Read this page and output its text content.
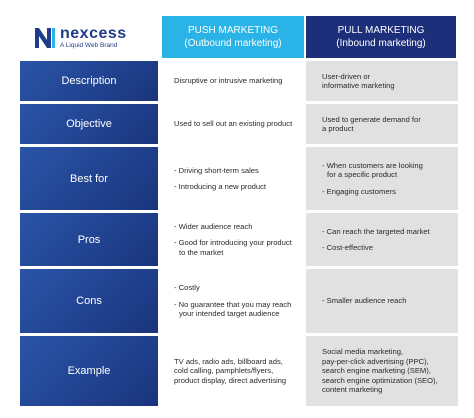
nexcess
A Liquid Web Brand
PUSH MARKETING
(Outbound marketing)
PULL MARKETING
(Inbound marketing)
Description	Disruptive or intrusive marketing
User-driven or
informative marketing
Objective	Used to sell out an existing product
Used to generate demand for
a product
Best for
- Driving short-term sales
- Introducing a new product
- When customers are looking
for a specific product
- Engaging customers
Pros
- Wider audience reach
- Good for introducing your product
to the market
- Can reach the targeted market
- Cost-effective
Cons
- Costly
- No guarantee that you may reach
your intended target audience
- Smaller audience reach
Example
TV ads, radio ads, billboard ads,
cold calling, pamphlets/flyers,
product display, direct advertising
Social media marketing,
pay-per-click advertising (PPC),
search engine marketing (SEM),
search engine optimization (SEO),
content marketing
